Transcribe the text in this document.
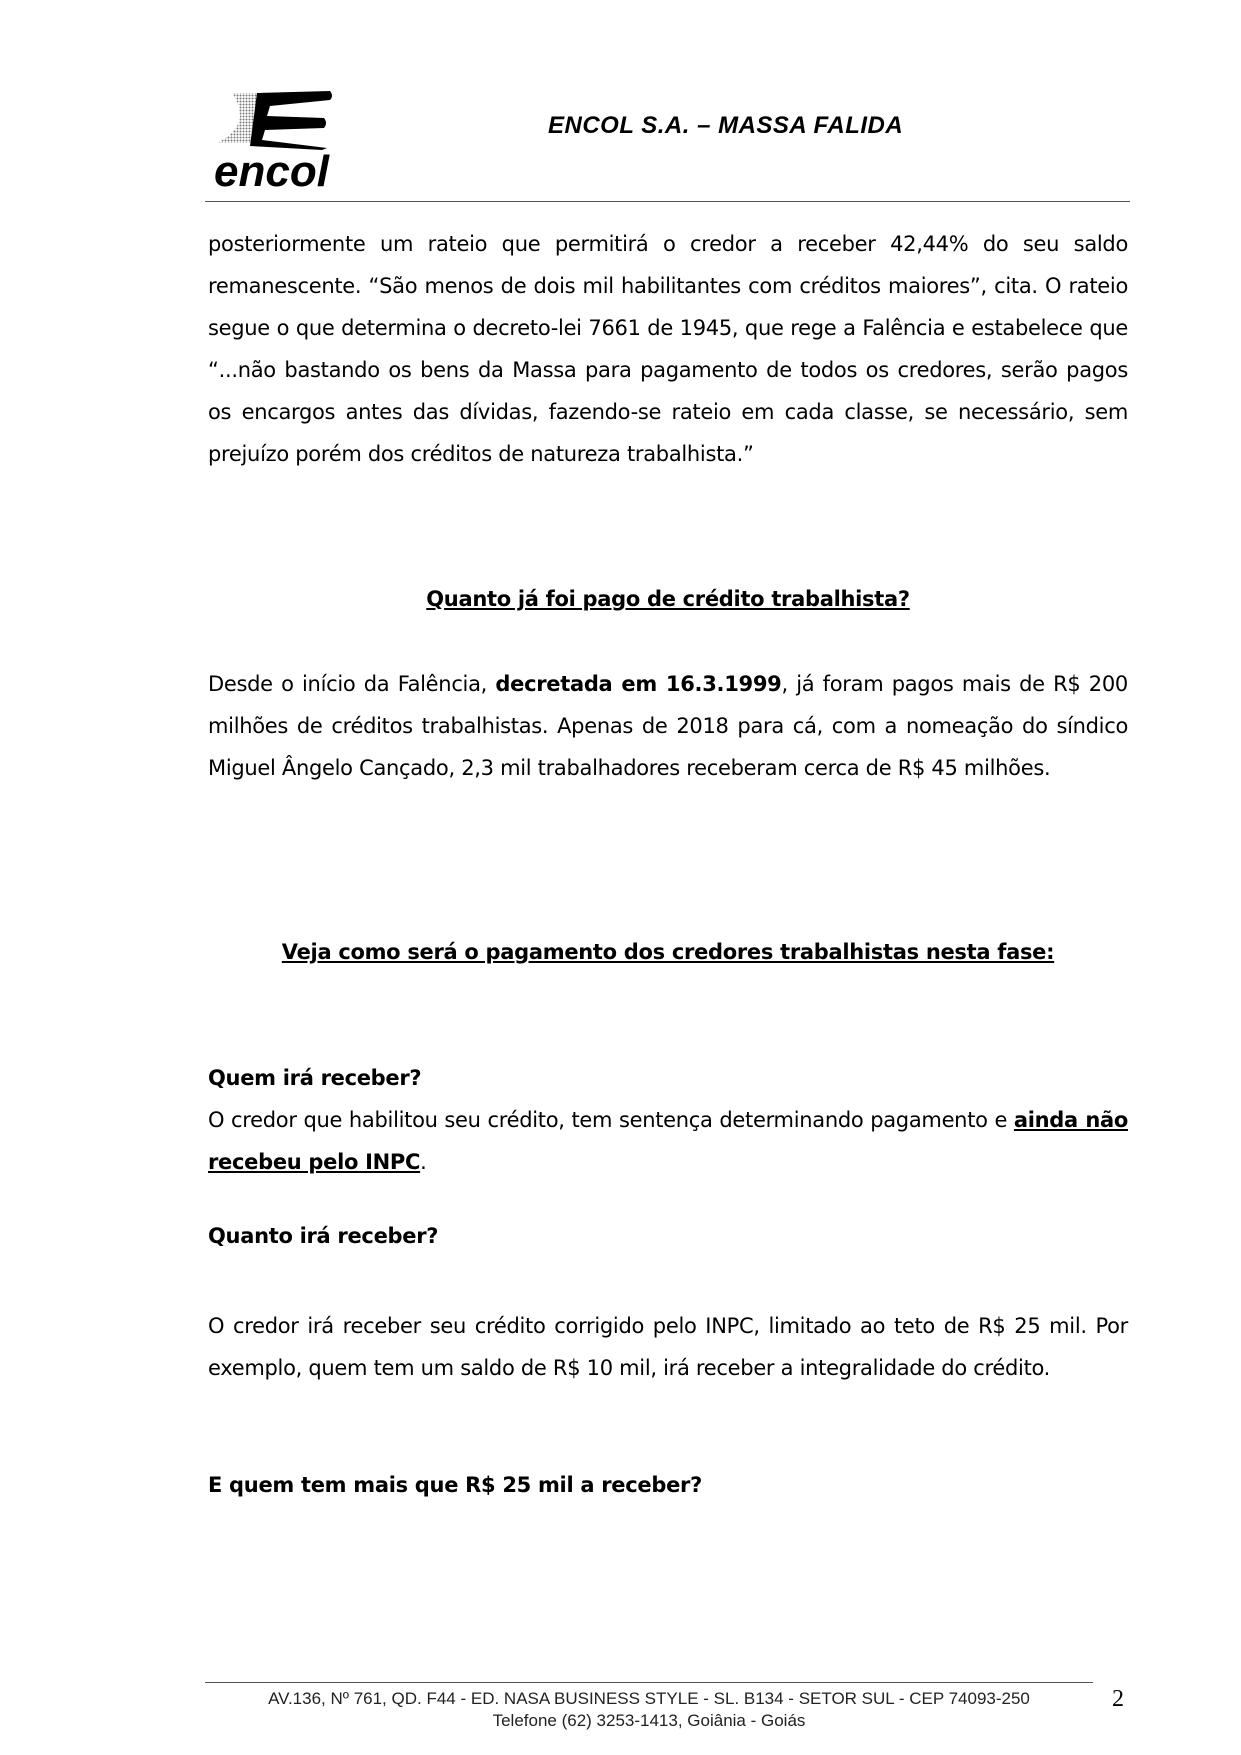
encol
ENCOL S.A. – MASSA FALIDA

posteriormente um rateio que permitirá o credor a receber 42,44% do seu saldo remanescente. “São menos de dois mil habilitantes com créditos maiores”, cita. O rateio segue o que determina o decreto-lei 7661 de 1945, que rege a Falência e estabelece que “...não bastando os bens da Massa para pagamento de todos os credores, serão pagos os encargos antes das dívidas, fazendo-se rateio em cada classe, se necessário, sem prejuízo porém dos créditos de natureza trabalhista.”

Quanto já foi pago de crédito trabalhista?

Desde o início da Falência, decretada em 16.3.1999, já foram pagos mais de R$ 200 milhões de créditos trabalhistas. Apenas de 2018 para cá, com a nomeação do síndico Miguel Ângelo Cançado, 2,3 mil trabalhadores receberam cerca de R$ 45 milhões.

Veja como será o pagamento dos credores trabalhistas nesta fase:
Quem irá receber?

O credor que habilitou seu crédito, tem sentença determinando pagamento e ainda não recebeu pelo INPC.

Quanto irá receber?

O credor irá receber seu crédito corrigido pelo INPC, limitado ao teto de R$ 25 mil. Por exemplo, quem tem um saldo de R$ 10 mil, irá receber a integralidade do crédito.

E quem tem mais que R$ 25 mil a receber?
AV.136, Nº 761, QD. F44 - ED. NASA BUSINESS STYLE - SL. B134 - SETOR SUL - CEP 74093-250
Telefone (62) 3253-1413, Goiânia - Goiás
2
